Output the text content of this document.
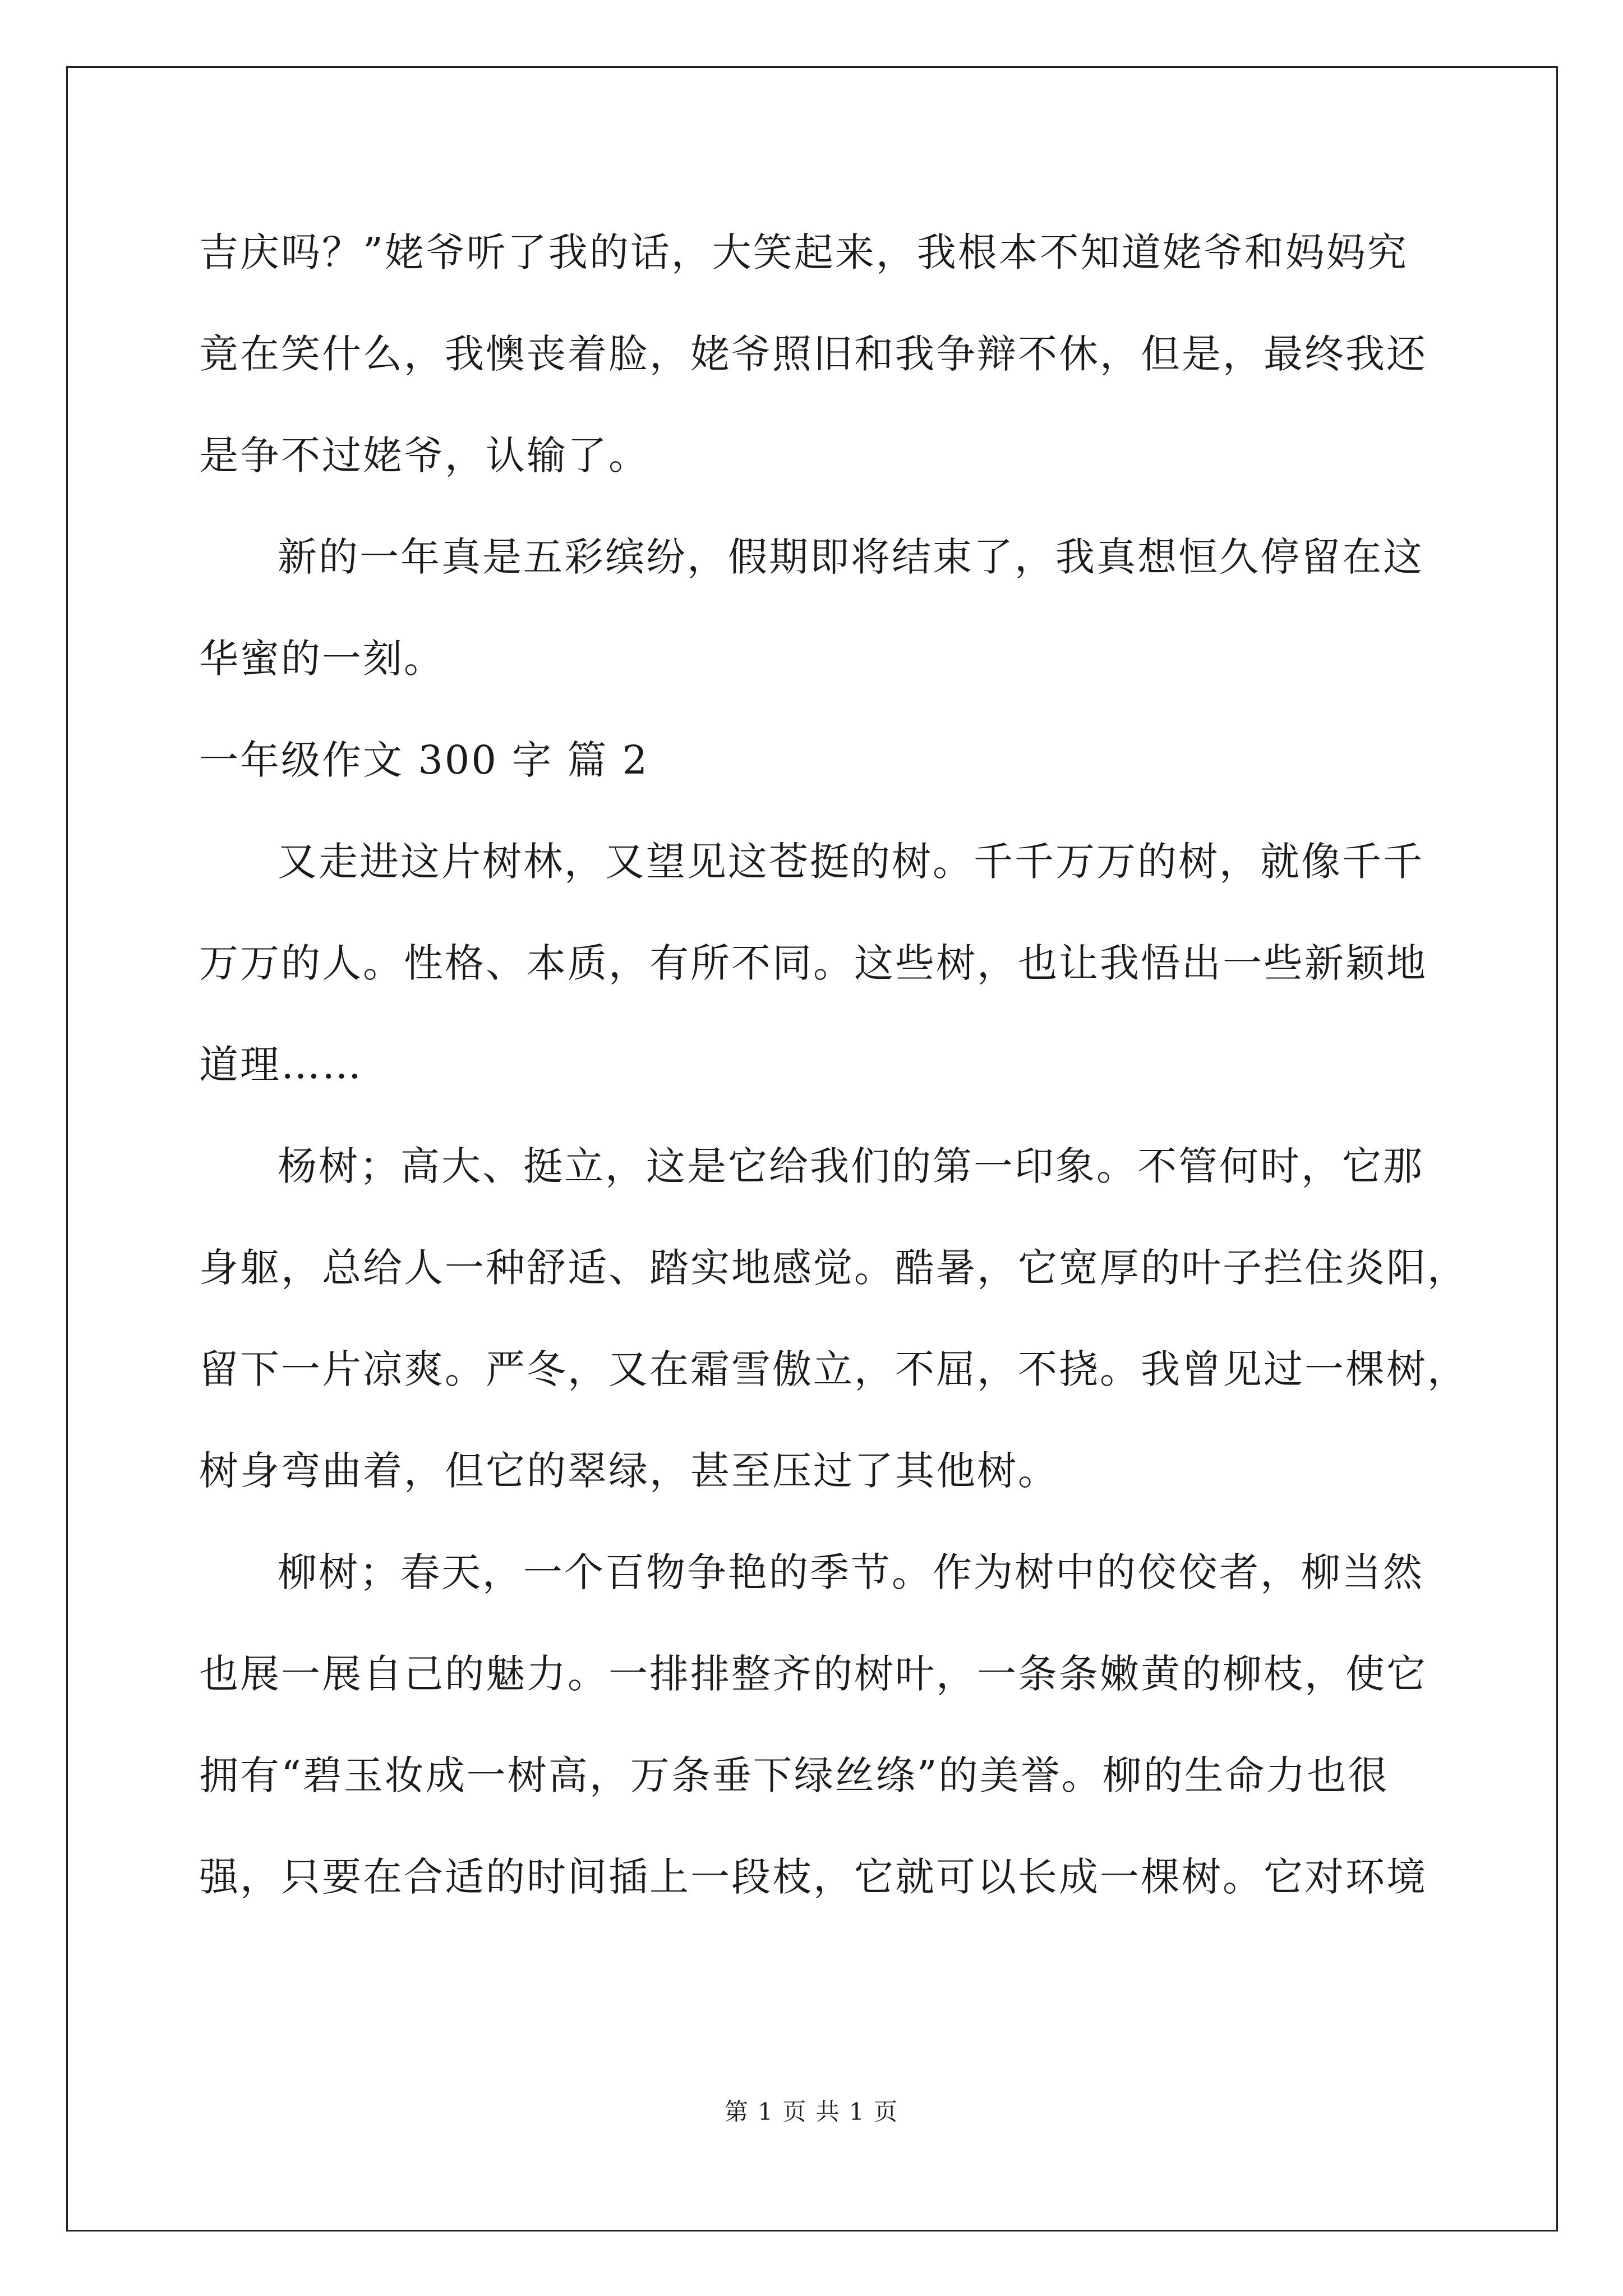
吉庆吗？”姥爷听了我的话，大笑起来，我根本不知道姥爷和妈妈究
竟在笑什么，我懊丧着脸，姥爷照旧和我争辩不休，但是，最终我还
是争不过姥爷，认输了。
新的一年真是五彩缤纷，假期即将结束了，我真想恒久停留在这
华蜜的一刻。
一年级作文 300 字 篇 2
又走进这片树林，又望见这苍挺的树。千千万万的树，就像千千
万万的人。性格、本质，有所不同。这些树，也让我悟出一些新颖地
道理……
杨树；高大、挺立，这是它给我们的第一印象。不管何时，它那
身躯，总给人一种舒适、踏实地感觉。酷暑，它宽厚的叶子拦住炎阳，
留下一片凉爽。严冬，又在霜雪傲立，不屈，不挠。我曾见过一棵树，
树身弯曲着，但它的翠绿，甚至压过了其他树。
柳树；春天，一个百物争艳的季节。作为树中的佼佼者，柳当然
也展一展自己的魅力。一排排整齐的树叶，一条条嫩黄的柳枝，使它
拥有“碧玉妆成一树高，万条垂下绿丝绦”的美誉。柳的生命力也很
强，只要在合适的时间插上一段枝，它就可以长成一棵树。它对环境
第 1 页 共 1 页
